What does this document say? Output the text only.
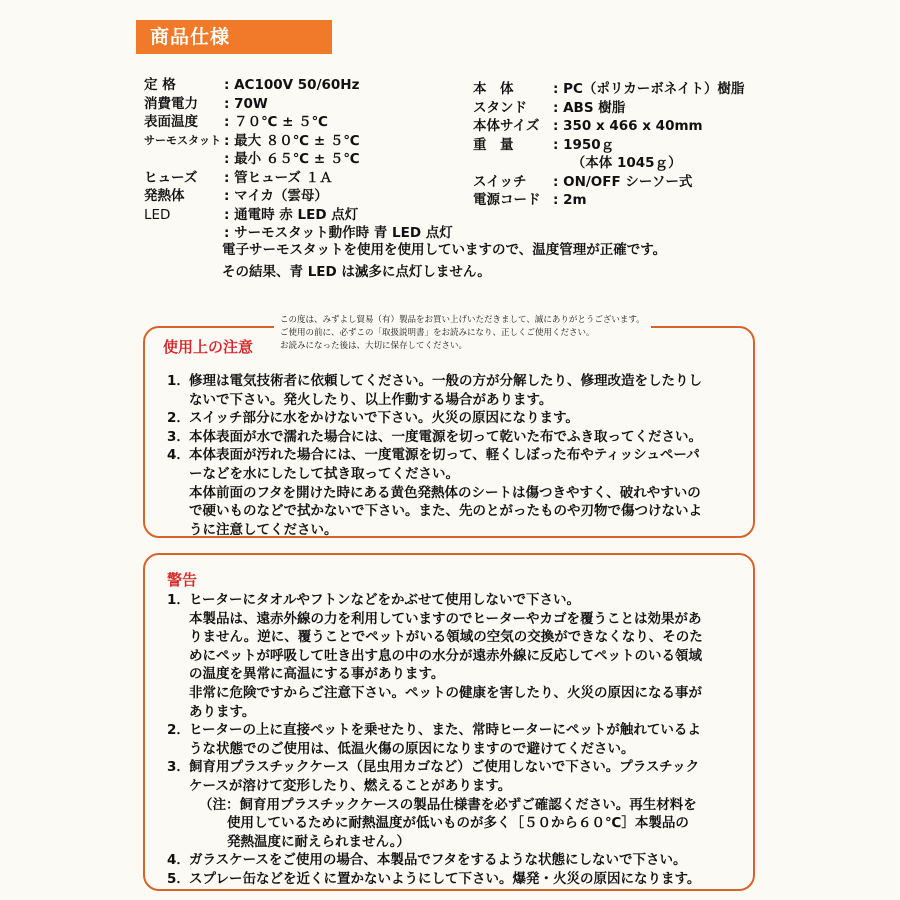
商品仕様
定 格	: AC100V 50/60Hz
消費電力 : 70W
表面温度 : ７０℃ ± ５℃
サーモスタット : 最大 ８０℃ ± ５℃
: 最小 ６５℃ ± ５℃
ヒューズ : 管ヒューズ １Ａ
発熱体	: マイカ（雲母）
LED	: 通電時 赤 LED 点灯
: サーモスタット動作時 青 LED 点灯
本　体	: PC（ポリカーボネイト）樹脂
スタンド : ABS 樹脂
本体サイズ : 350 x 466 x 40mm
重　量	: 1950ｇ
（本体 1045ｇ）
スイッチ : ON/OFF シーソー式
電源コード : 2m
電子サーモスタットを使用を使用していますので、温度管理が正確です。
その結果、青 LED は滅多に点灯しません。
使用上の注意
1． 修理は電気技術者に依頼してください。一般の方が分解したり、修理改造をしたりし
ないで下さい。発火したり、以上作動する場合があります。
2． スイッチ部分に水をかけないで下さい。火災の原因になります。
3． 本体表面が水で濡れた場合には、一度電源を切って乾いた布でふき取ってください。
4． 本体表面が汚れた場合には、一度電源を切って、軽くしぼった布やティッシュペーパ
ーなどを水にしたして拭き取ってください。
本体前面のフタを開けた時にある黄色発熱体のシートは傷つきやすく、破れやすいの
で硬いものなどで拭かないで下さい。また、先のとがったものや刃物で傷つけないよ
うに注意してください。
この度は、みずよし貿易（有）製品をお買い上げいただきまして、誠にありがとうございます。
ご使用の前に、必ずこの「取扱説明書」をお読みになり、正しくご使用ください。
お読みになった後は、大切に保存してください。
警告
1． ヒーターにタオルやフトンなどをかぶせて使用しないで下さい。
本製品は、遠赤外線の力を利用していますのでヒーターやカゴを覆うことは効果があ
りません。逆に、覆うことでペットがいる領域の空気の交換ができなくなり、そのた
めにペットが呼吸して吐き出す息の中の水分が遠赤外線に反応してペットのいる領域
の温度を異常に高温にする事があります。
非常に危険ですからご注意下さい。ペットの健康を害したり、火災の原因になる事が
あります。
2． ヒーターの上に直接ペットを乗せたり、また、常時ヒーターにペットが触れているよ
うな状態でのご使用は、低温火傷の原因になりますので避けてください。
3． 飼育用プラスチックケース（昆虫用カゴなど）ご使用しないで下さい。プラスチック
ケースが溶けて変形したり、燃えることがあります。
（注：飼育用プラスチックケースの製品仕様書を必ずご確認ください。再生材料を
使用しているために耐熱温度が低いものが多く［５０から６０℃］本製品の
発熱温度に耐えられません。）
4． ガラスケースをご使用の場合、本製品でフタをするような状態にしないで下さい。
5． スプレー缶などを近くに置かないようにして下さい。爆発・火災の原因になります。
